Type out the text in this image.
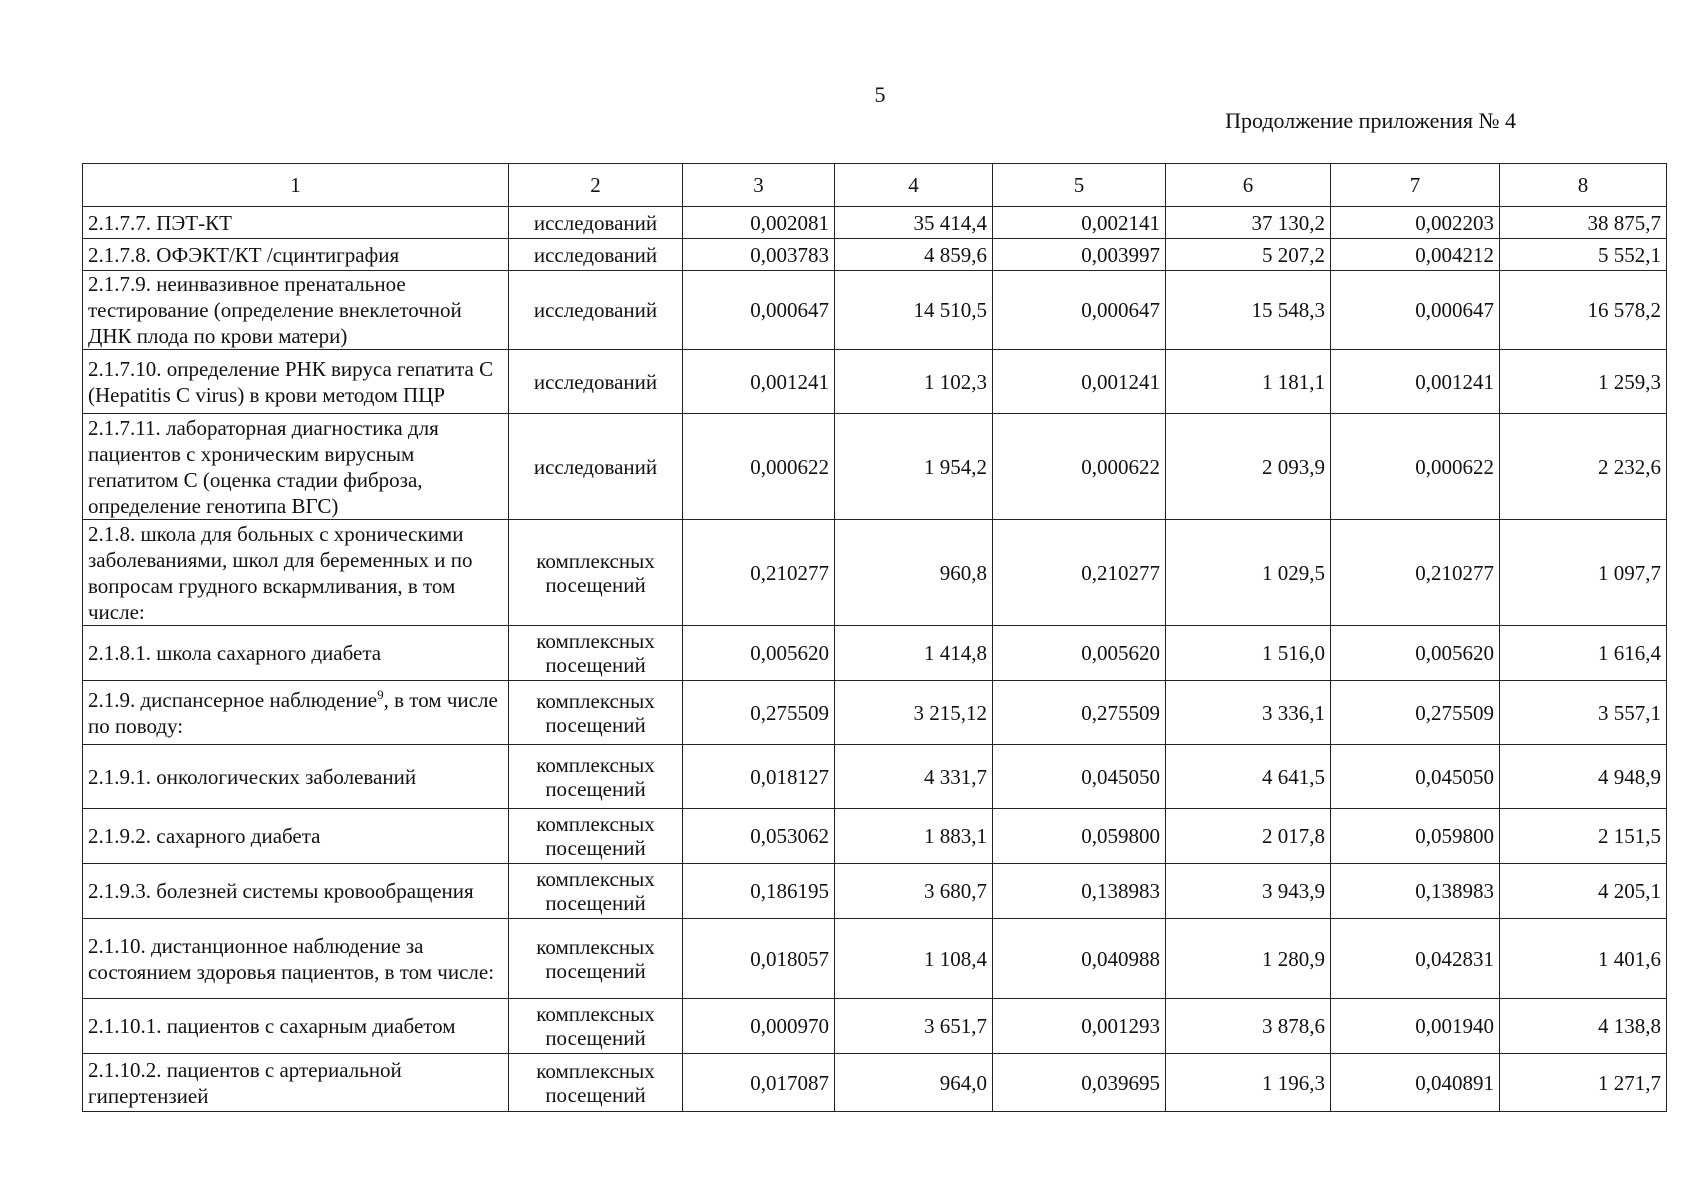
5
Продолжение приложения № 4
1	2	3	4	5	6	7	8
2.1.7.7. ПЭТ-КТ	исследований	0,002081	35 414,4	0,002141	37 130,2	0,002203	38 875,7
2.1.7.8. ОФЭКТ/КТ /сцинтиграфия	исследований	0,003783	4 859,6	0,003997	5 207,2	0,004212	5 552,1
2.1.7.9. неинвазивное пренатальное тестирование (определение внеклеточной ДНК плода по крови матери)	исследований	0,000647	14 510,5	0,000647	15 548,3	0,000647	16 578,2
2.1.7.10. определение РНК вируса гепатита С (Hepatitis С virus) в крови методом ПЦР	исследований	0,001241	1 102,3	0,001241	1 181,1	0,001241	1 259,3
2.1.7.11. лабораторная диагностика для пациентов с хроническим вирусным гепатитом С (оценка стадии фиброза, определение генотипа ВГС)	исследований	0,000622	1 954,2	0,000622	2 093,9	0,000622	2 232,6
2.1.8. школа для больных с хроническими заболеваниями, школ для беременных и по вопросам грудного вскармливания, в том числе:	комплексных посещений	0,210277	960,8	0,210277	1 029,5	0,210277	1 097,7
2.1.8.1. школа сахарного диабета	комплексных посещений	0,005620	1 414,8	0,005620	1 516,0	0,005620	1 616,4
2.1.9. диспансерное наблюдение$^9$, в том числе по поводу:	комплексных посещений	0,275509	3 215,12	0,275509	3 336,1	0,275509	3 557,1
2.1.9.1. онкологических заболеваний	комплексных посещений	0,018127	4 331,7	0,045050	4 641,5	0,045050	4 948,9
2.1.9.2. сахарного диабета	комплексных посещений	0,053062	1 883,1	0,059800	2 017,8	0,059800	2 151,5
2.1.9.3. болезней системы кровообращения	комплексных посещений	0,186195	3 680,7	0,138983	3 943,9	0,138983	4 205,1
2.1.10. дистанционное наблюдение за состоянием здоровья пациентов, в том числе:	комплексных посещений	0,018057	1 108,4	0,040988	1 280,9	0,042831	1 401,6
2.1.10.1. пациентов с сахарным диабетом	комплексных посещений	0,000970	3 651,7	0,001293	3 878,6	0,001940	4 138,8
2.1.10.2. пациентов с артериальной гипертензией	комплексных посещений	0,017087	964,0	0,039695	1 196,3	0,040891	1 271,7
